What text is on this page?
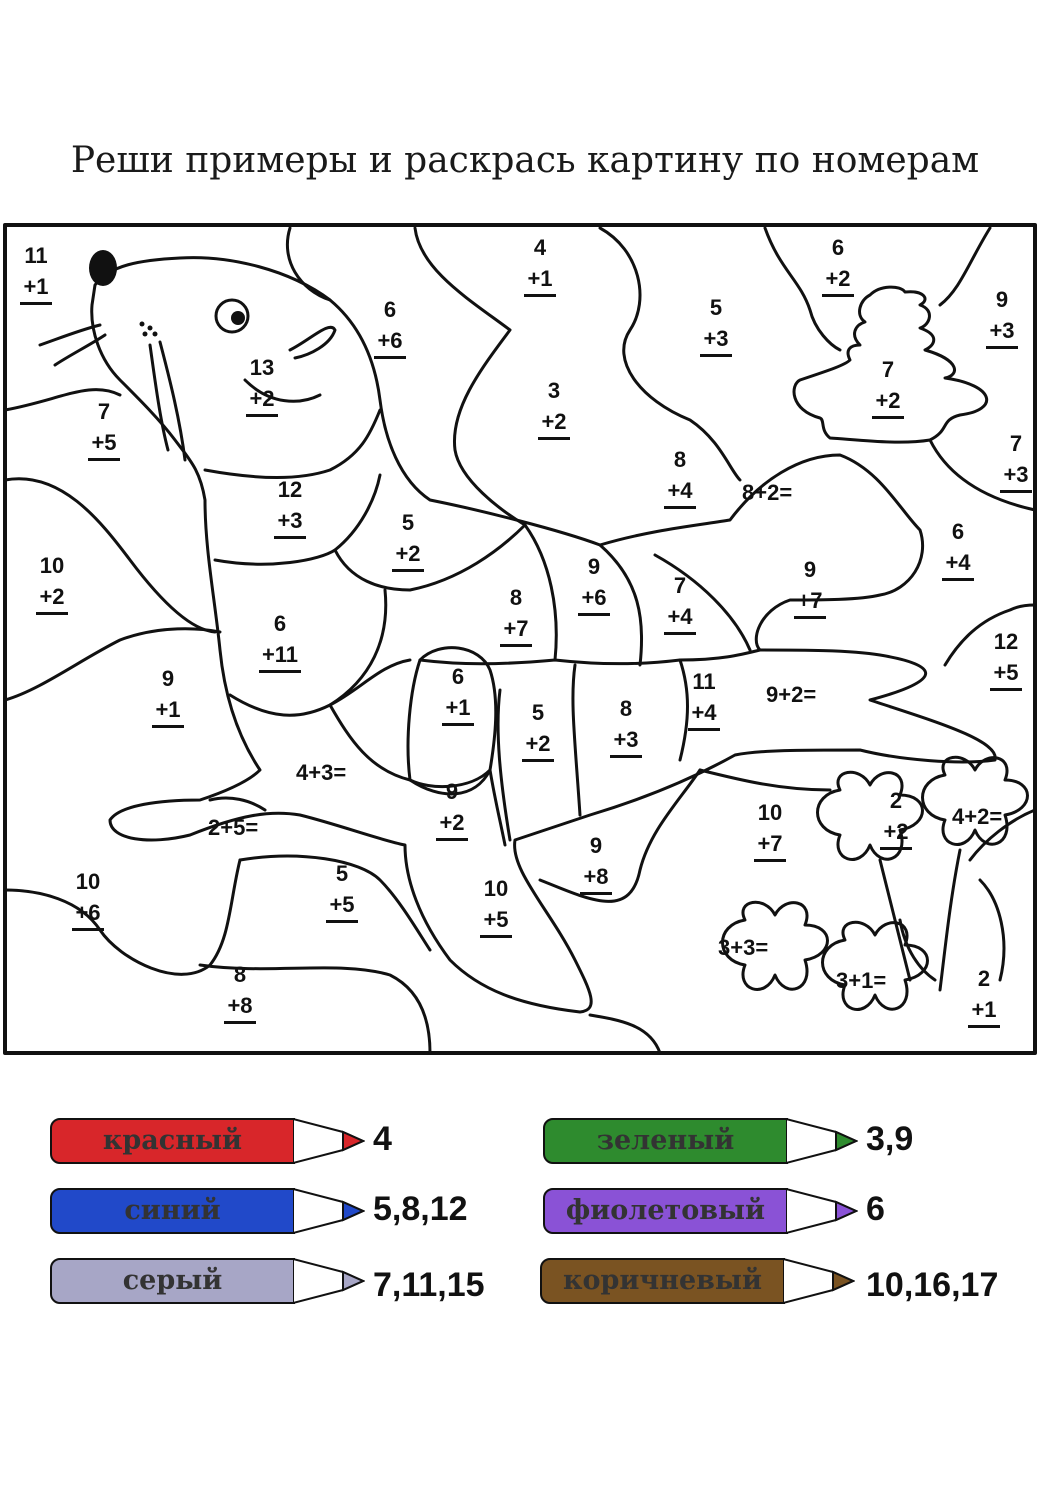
Реши примеры и раскрась картину по номерам
11
+1
4
+1
6
+2
9
+3
6
+6
5
+3
13
+2
7
+2
7
+5
3
+2
7
+3
8
+4
12
+3	5
+2
6
+4
10
+2
9
+6
8
+7
7
+4
9
+7
6
+11
12
+5
9
+1
6
+1
11
+4
5
+2
8
+3
9
+2	10
+7
2
+2
10
+6
5
+5
9
+8
10
+5
8
+8
2
+1
8+2=
9+2=
4+3=
2+5=	4+2=
3+3=
3+1=
красный	4	зеленый	3,9
синий	5,8,12	фиолетовый	6
серый	7,11,15	коричневый	10,16,17
